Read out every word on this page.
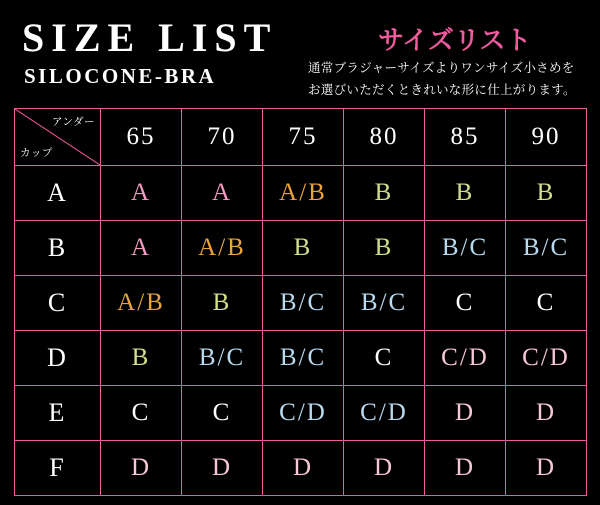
SIZE LIST	サイズリスト
SILOCONE-BRA	通常ブラジャーサイズよりワンサイズ小さめを
お選びいただくときれいな形に仕上がります。
アンダー
カップ	65	70	75	80	85	90
A	A	A	A/B	B	B	B
B	A	A/B	B	B	B/C	B/C
C	A/B	B	B/C	B/C	C	C
D	B	B/C	B/C	C	C/D	C/D
E	C	C	C/D	C/D	D	D
F	D	D	D	D	D	D
